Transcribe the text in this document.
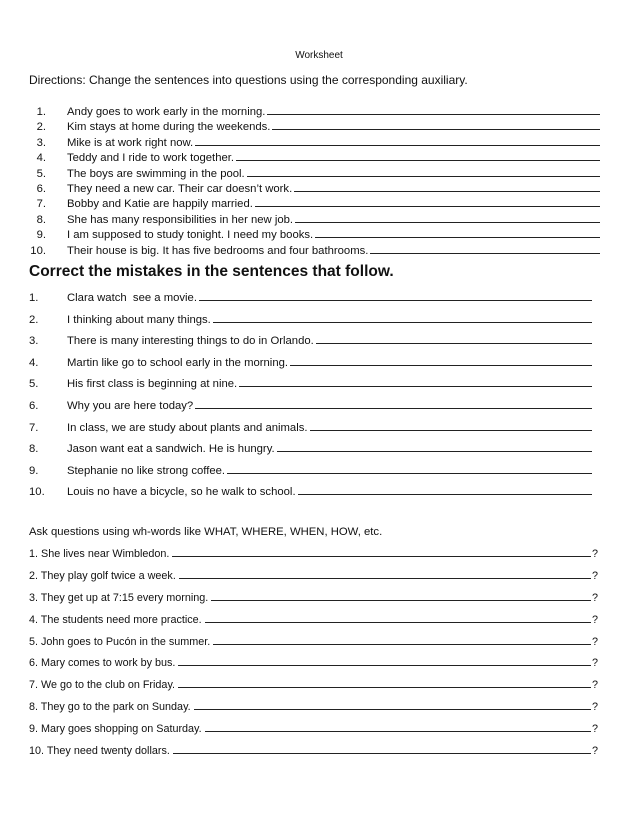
Worksheet
Directions: Change the sentences into questions using the corresponding auxiliary.
1. Andy goes to work early in the morning.
2. Kim stays at home during the weekends.
3. Mike is at work right now.
4. Teddy and I ride to work together.
5. The boys are swimming in the pool.
6. They need a new car. Their car doesn’t work.
7. Bobby and Katie are happily married.
8. She has many responsibilities in her new job.
9. I am supposed to study tonight. I need my books.
10. Their house is big. It has five bedrooms and four bathrooms.
Correct the mistakes in the sentences that follow.
1.	Clara watch  see a movie.
2.	I thinking about many things.
3.	There is many interesting things to do in Orlando.
4.	Martin like go to school early in the morning.
5.	His first class is beginning at nine.
6.	Why you are here today?
7.	In class, we are study about plants and animals.
8.	Jason want eat a sandwich. He is hungry.
9.	Stephanie no like strong coffee.
10.	Louis no have a bicycle, so he walk to school.
Ask questions using wh-words like WHAT, WHERE, WHEN, HOW, etc.
1. She lives near Wimbledon.	?
2. They play golf twice a week.	?
3. They get up at 7:15 every morning.	?
4. The students need more practice.	?
5. John goes to Pucón in the summer.	?
6. Mary comes to work by bus.	?
7. We go to the club on Friday.	?
8. They go to the park on Sunday.	?
9. Mary goes shopping on Saturday.	?
10. They need twenty dollars.	?
